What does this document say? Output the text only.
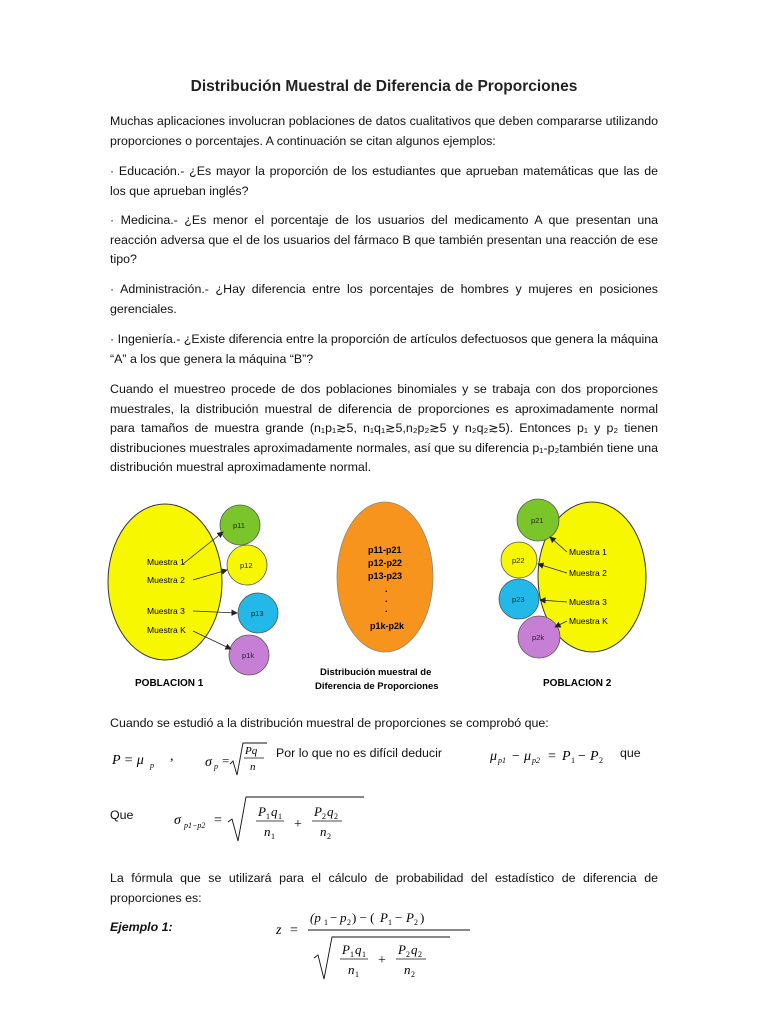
Distribución Muestral de Diferencia de Proporciones
Muchas aplicaciones involucran poblaciones de datos cualitativos que deben compararse utilizando proporciones o porcentajes. A continuación se citan algunos ejemplos:
· Educación.- ¿Es mayor la proporción de los estudiantes que aprueban matemáticas que las de los que aprueban inglés?
· Medicina.- ¿Es menor el porcentaje de los usuarios del medicamento A que presentan una reacción adversa que el de los usuarios del fármaco B que también presentan una reacción de ese tipo?
· Administración.- ¿Hay diferencia entre los porcentajes de hombres y mujeres en posiciones gerenciales.
· Ingeniería.- ¿Existe diferencia entre la proporción de artículos defectuosos que genera la máquina “A” a los que genera la máquina “B”?
Cuando el muestreo procede de dos poblaciones binomiales y se trabaja con dos proporciones muestrales, la distribución muestral de diferencia de proporciones es aproximadamente normal para tamaños de muestra grande (n₁p₁≳5, n₁q₁≳5,n₂p₂≳5 y n₂q₂≳5). Entonces p₁ y p₂ tienen distribuciones muestrales aproximadamente normales, así que su diferencia p₁-p₂también tiene una distribución muestral aproximadamente normal.
Muestra 1
Muestra 2
Muestra 3
Muestra K
p11
p12
p13
p1k
POBLACION 1
p11-p21
p12-p22
p13-p23
.
.
.
p1k-p2k
Distribución muestral de
Diferencia de Proporciones
p21
p22
p23
p2k
Muestra 1
Muestra 2
Muestra 3
Muestra K
POBLACION 2
Cuando se estudió a la distribución muestral de proporciones se comprobó que:
P = μ p
, σ p =
Pq
n
Por lo que no es difícil deducir	μ p1 − μ p2 = P 1 − P 2
que
Que	σ p1−p2 =
P 1 q 1
n 1
+
P 2 q 2
n 2
La fórmula que se utilizará para el cálculo de probabilidad del estadístico de diferencia de proporciones es:
Ejemplo 1:	z =
(p 1 − p 2 ) − ( P 1 − P 2 )
P 1 q 1
n 1
+
P 2 q 2
n 2
